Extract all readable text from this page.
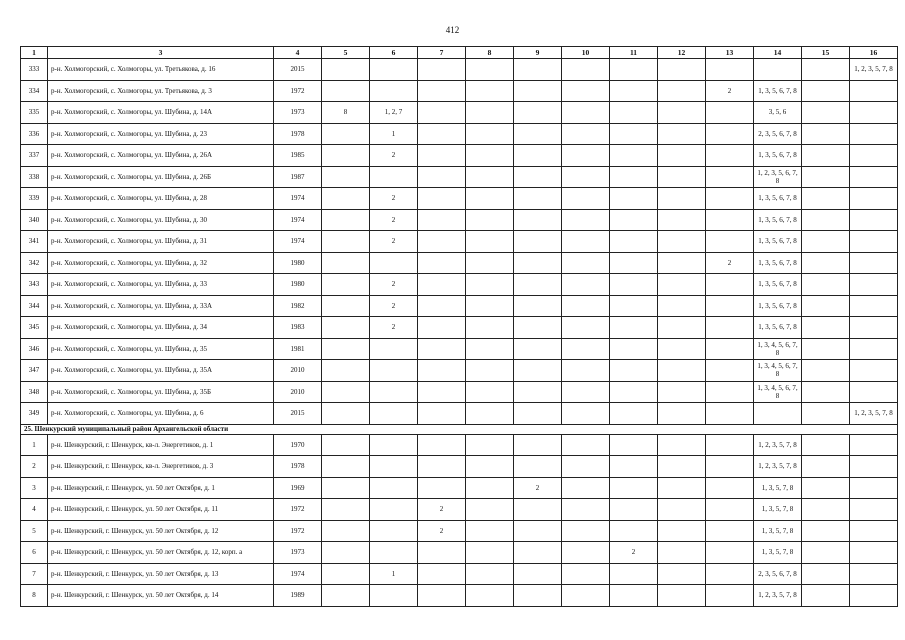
412
1	3	4	5	6	7	8	9	10	11	12	13	14	15	16
333	р-н. Холмогорский, с. Холмогоры, ул. Третьякова, д. 16	2015												1, 2, 3, 5, 7, 8
334	р-н. Холмогорский, с. Холмогоры, ул. Третьякова, д. 3	1972									2	1, 3, 5, 6, 7, 8		
335	р-н. Холмогорский, с. Холмогоры, ул. Шубина, д. 14А	1973	8	1, 2, 7								3, 5, 6		
336	р-н. Холмогорский, с. Холмогоры, ул. Шубина, д. 23	1978		1								2, 3, 5, 6, 7, 8		
337	р-н. Холмогорский, с. Холмогоры, ул. Шубина, д. 26А	1985		2								1, 3, 5, 6, 7, 8		
338	р-н. Холмогорский, с. Холмогоры, ул. Шубина, д. 26Б	1987										1, 2, 3, 5, 6, 7, 8		
339	р-н. Холмогорский, с. Холмогоры, ул. Шубина, д. 28	1974		2								1, 3, 5, 6, 7, 8		
340	р-н. Холмогорский, с. Холмогоры, ул. Шубина, д. 30	1974		2								1, 3, 5, 6, 7, 8		
341	р-н. Холмогорский, с. Холмогоры, ул. Шубина, д. 31	1974		2								1, 3, 5, 6, 7, 8		
342	р-н. Холмогорский, с. Холмогоры, ул. Шубина, д. 32	1980									2	1, 3, 5, 6, 7, 8		
343	р-н. Холмогорский, с. Холмогоры, ул. Шубина, д. 33	1980		2								1, 3, 5, 6, 7, 8		
344	р-н. Холмогорский, с. Холмогоры, ул. Шубина, д. 33А	1982		2								1, 3, 5, 6, 7, 8		
345	р-н. Холмогорский, с. Холмогоры, ул. Шубина, д. 34	1983		2								1, 3, 5, 6, 7, 8		
346	р-н. Холмогорский, с. Холмогоры, ул. Шубина, д. 35	1981										1, 3, 4, 5, 6, 7, 8		
347	р-н. Холмогорский, с. Холмогоры, ул. Шубина, д. 35А	2010										1, 3, 4, 5, 6, 7, 8		
348	р-н. Холмогорский, с. Холмогоры, ул. Шубина, д. 35Б	2010										1, 3, 4, 5, 6, 7, 8		
349	р-н. Холмогорский, с. Холмогоры, ул. Шубина, д. 6	2015												1, 2, 3, 5, 7, 8
25. Шенкурский муниципальный район Архангельской области														
1	р-н. Шенкурский, г. Шенкурск, кв-л. Энергетиков, д. 1	1970										1, 2, 3, 5, 7, 8		
2	р-н. Шенкурский, г. Шенкурск, кв-л. Энергетиков, д. 3	1978										1, 2, 3, 5, 7, 8		
3	р-н. Шенкурский, г. Шенкурск, ул. 50 лет Октября, д. 1	1969					2					1, 3, 5, 7, 8		
4	р-н. Шенкурский, г. Шенкурск, ул. 50 лет Октября, д. 11	1972			2							1, 3, 5, 7, 8		
5	р-н. Шенкурский, г. Шенкурск, ул. 50 лет Октября, д. 12	1972			2							1, 3, 5, 7, 8		
6	р-н. Шенкурский, г. Шенкурск, ул. 50 лет Октября, д. 12, корп. а	1973							2			1, 3, 5, 7, 8		
7	р-н. Шенкурский, г. Шенкурск, ул. 50 лет Октября, д. 13	1974		1								2, 3, 5, 6, 7, 8		
8	р-н. Шенкурский, г. Шенкурск, ул. 50 лет Октября, д. 14	1989										1, 2, 3, 5, 7, 8		
